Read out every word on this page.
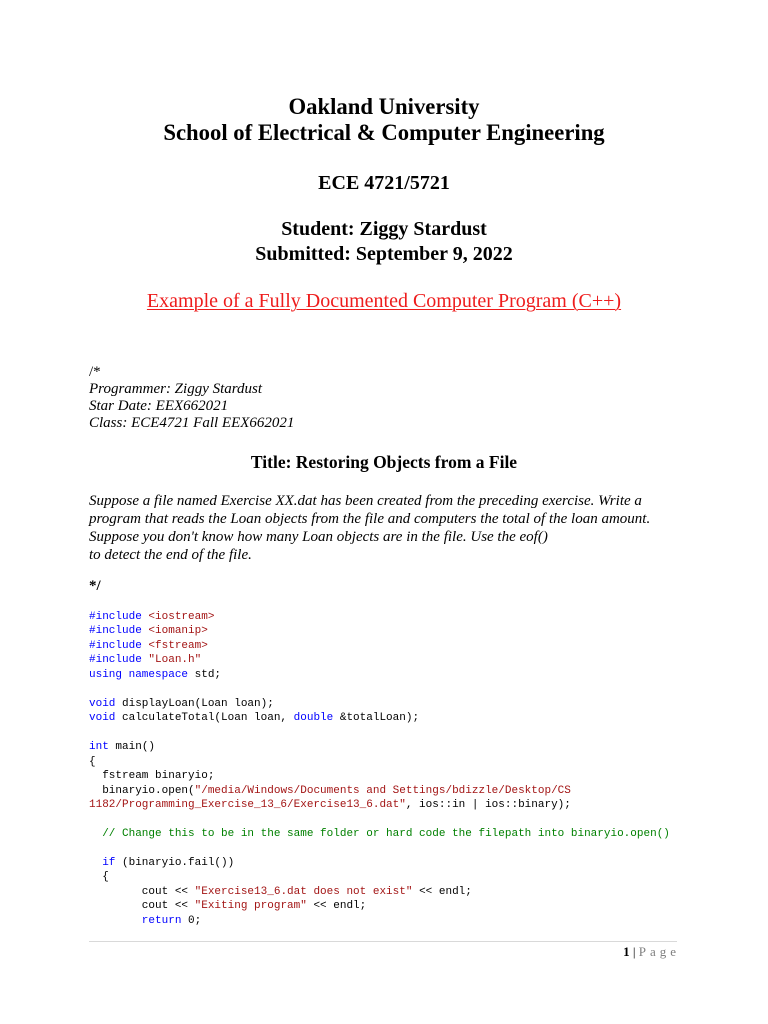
Oakland University
School of Electrical & Computer Engineering
ECE 4721/5721
Student: Ziggy Stardust
Submitted: September 9, 2022
Example of a Fully Documented Computer Program (C++)
/*
Programmer: Ziggy Stardust
Star Date: EEX662021
Class: ECE4721 Fall EEX662021
Title: Restoring Objects from a File
Suppose a file named Exercise XX.dat has been created from the preceding exercise. Write a
program that reads the Loan objects from the file and computers the total of the loan amount.
Suppose you don't know how many Loan objects are in the file. Use the eof()
to detect the end of the file.
*/
#include <iostream>
#include <iomanip>
#include <fstream>
#include "Loan.h"
using namespace std;
void displayLoan(Loan loan);
void calculateTotal(Loan loan, double &totalLoan);
int main()
{
fstream binaryio;
binaryio.open("/media/Windows/Documents and Settings/bdizzle/Desktop/CS
1182/Programming_Exercise_13_6/Exercise13_6.dat", ios::in | ios::binary);
// Change this to be in the same folder or hard code the filepath into binaryio.open()
if (binaryio.fail())
{
cout << "Exercise13_6.dat does not exist" << endl;
cout << "Exiting program" << endl;
return 0;
1 | Page
